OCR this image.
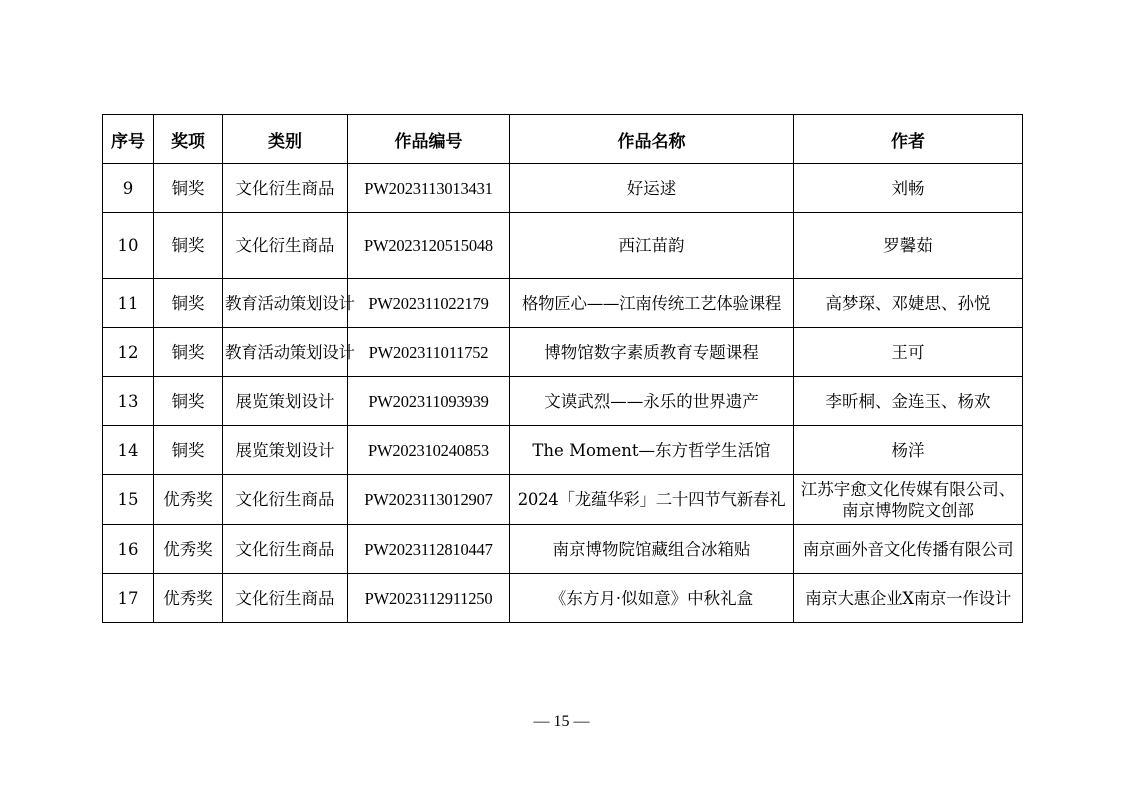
序号	奖项	类别	作品编号	作品名称	作者
9	铜奖	文化衍生商品	PW2023113013431	好运逑	刘畅
10	铜奖	文化衍生商品	PW2023120515048	西江苗韵	罗馨茹
11	铜奖	教育活动策划设计	PW202311022179	格物匠心——江南传统工艺体验课程	高梦琛、邓婕思、孙悦
12	铜奖	教育活动策划设计	PW202311011752	博物馆数字素质教育专题课程	王可
13	铜奖	展览策划设计	PW202311093939	文谟武烈——永乐的世界遗产	李昕桐、金连玉、杨欢
14	铜奖	展览策划设计	PW202310240853	The Moment—东方哲学生活馆	杨洋
15	优秀奖	文化衍生商品	PW2023113012907	2024「龙蕴华彩」二十四节气新春礼	江苏宇愈文化传媒有限公司、南京博物院文创部
16	优秀奖	文化衍生商品	PW2023112810447	南京博物院馆藏组合冰箱贴	南京画外音文化传播有限公司
17	优秀奖	文化衍生商品	PW2023112911250	《东方月·似如意》中秋礼盒	南京大惠企业X南京一作设计
— 15 —
